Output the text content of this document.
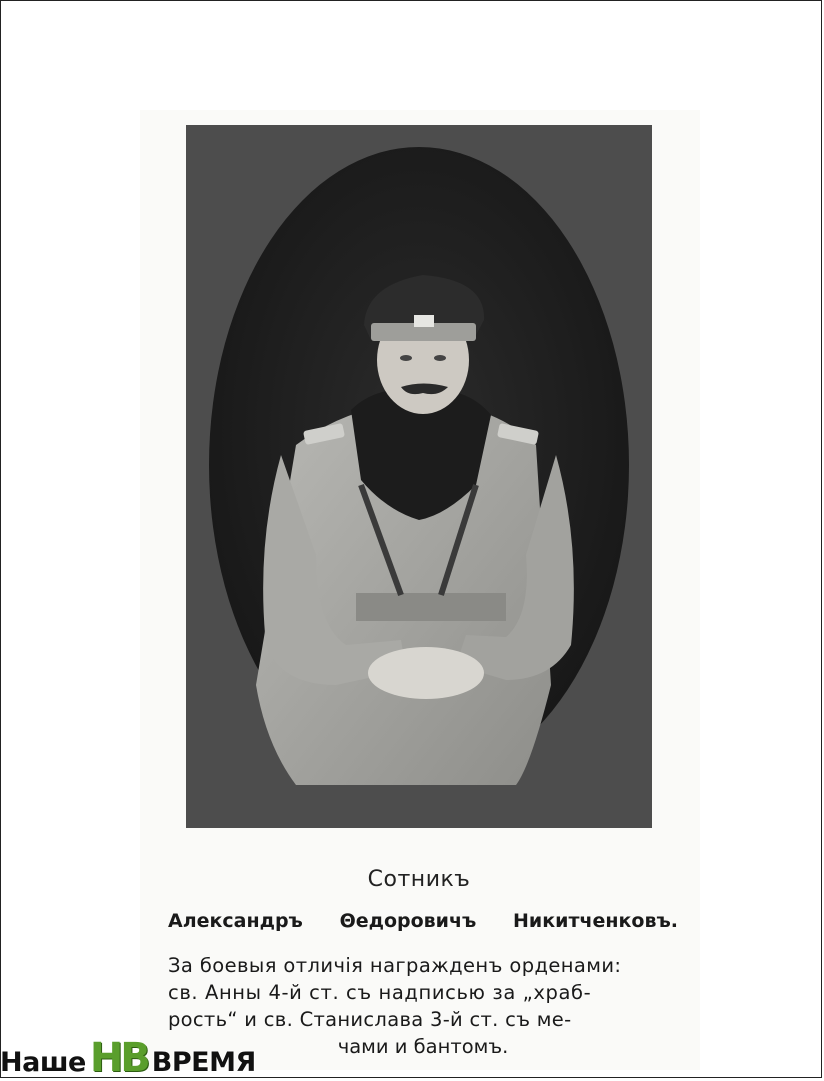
Сотникъ
Александръ Θедоровичъ Никитченковъ.
За боевыя отличія награжденъ орденами:
св. Анны 4-й ст. съ надписью за „храб-
рость“ и св. Станислава 3-й ст. съ ме-
чами и бантомъ.
Наше НВ ВРЕМЯ
